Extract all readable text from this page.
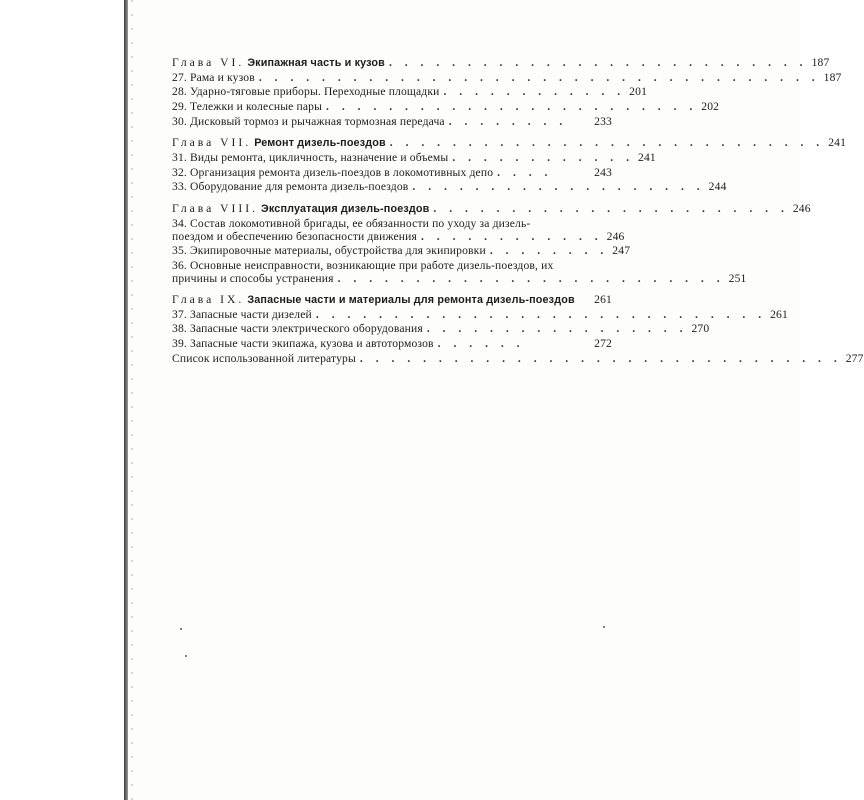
Глава VI. Экипажная часть и кузов . . . . . . . . . . . . . . . . . . . . . . . . . . . 187
27. Рама и кузов . . . . . . . . . . . . . . . . . . . . . . . . . . . . . . . . . . . . 187
28. Ударно-тяговые приборы. Переходные площадки . . . . . . . . . . . . 201
29. Тележки и колесные пары . . . . . . . . . . . . . . . . . . . . . . . . 202
30. Дисковый тормоз и рычажная тормозная передача . . . . . . . .	233
Глава VII. Ремонт дизель-поездов . . . . . . . . . . . . . . . . . . . . . . . . . . . . 241
31. Виды ремонта, цикличность, назначение и объемы . . . . . . . . . . . . 241
32. Организация ремонта дизель-поездов в локомотивных депо . . . .	243
33. Оборудование для ремонта дизель-поездов . . . . . . . . . . . . . . . . . . . 244
Глава VIII. Эксплуатация дизель-поездов . . . . . . . . . . . . . . . . . . . . . . . 246
34. Состав локомотивной бригады, ее обязанности по уходу за дизель-
поездом и обеспечению безопасности движения . . . . . . . . . . . . 246
35. Экипировочные материалы, обустройства для экипировки . . . . . . . . 247
36. Основные неисправности, возникающие при работе дизель-поездов, их
причины и способы устранения . . . . . . . . . . . . . . . . . . . . . . . . . 251
Глава IX. Запасные части и материалы для ремонта дизель-поездов 261
37. Запасные части дизелей . . . . . . . . . . . . . . . . . . . . . . . . . . . . . 261
38. Запасные части электрического оборудования . . . . . . . . . . . . . . . . . 270
39. Запасные части экипажа, кузова и автотормозов . . . . . .	272
Список использованной литературы . . . . . . . . . . . . . . . . . . . . . . . . . . . . . . . 277
